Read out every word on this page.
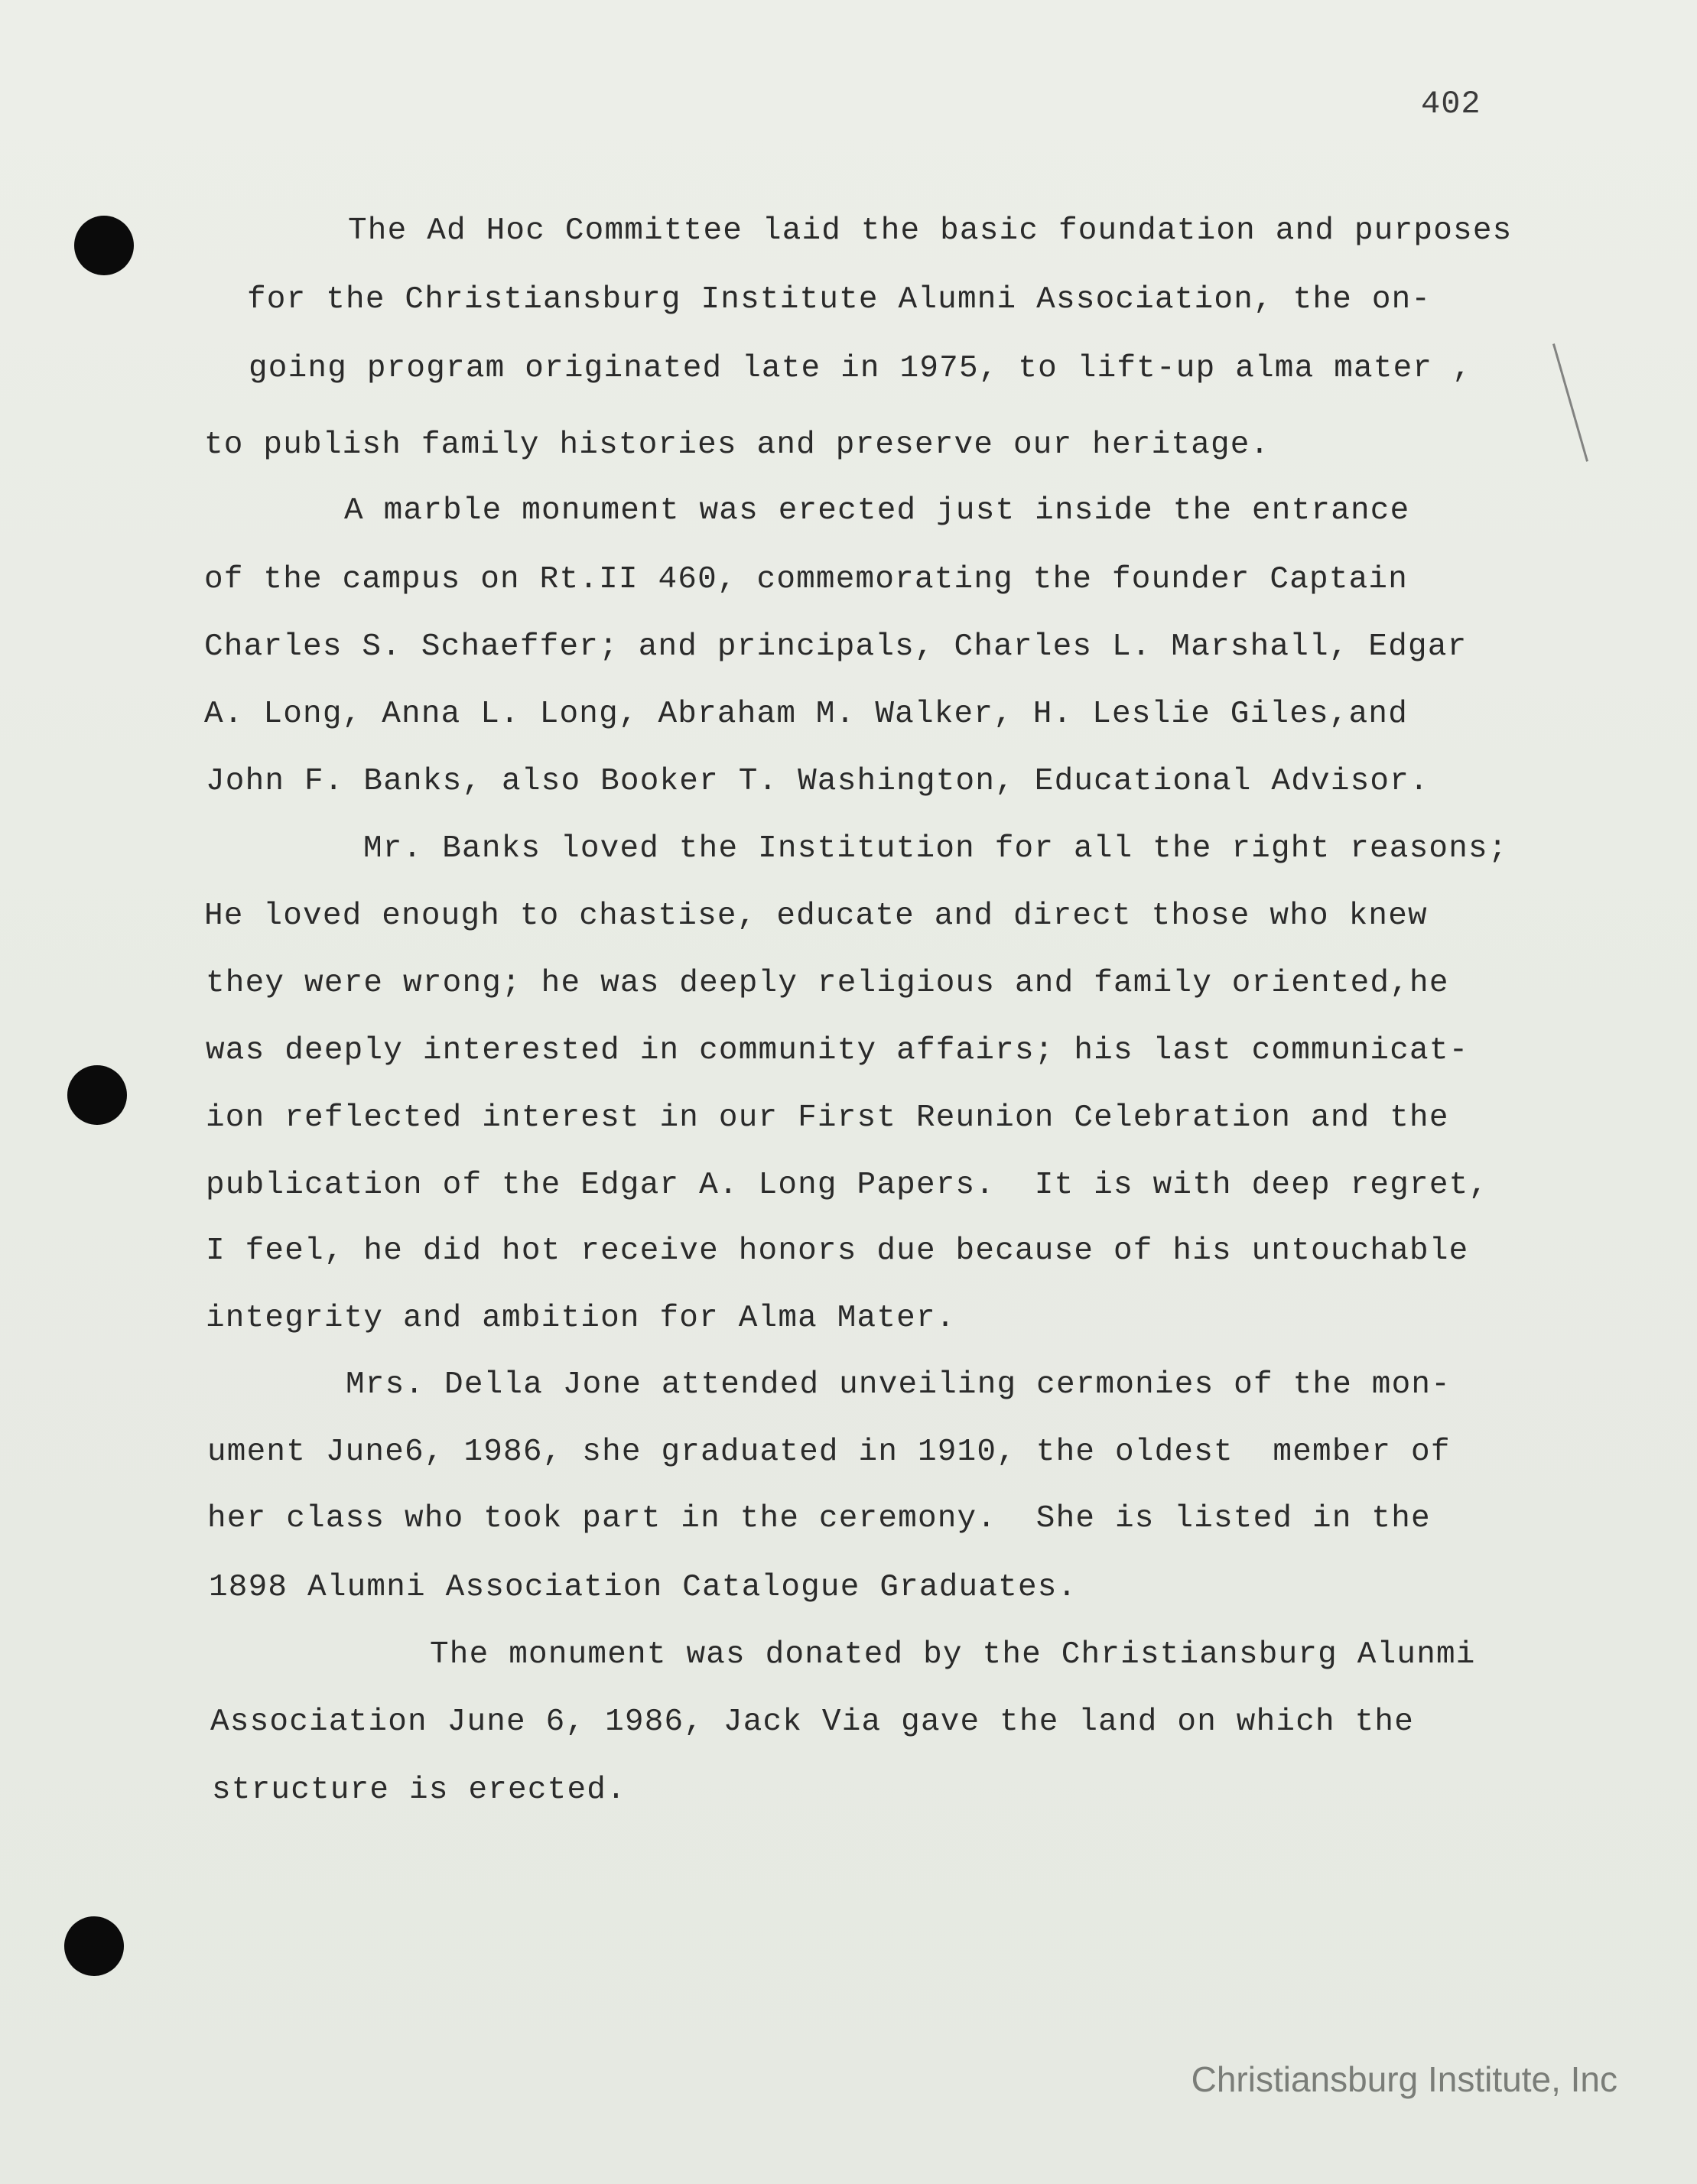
402
The Ad Hoc Committee laid the basic foundation and purposes
for the Christiansburg Institute Alumni Association, the on-
going program originated late in 1975, to lift-up alma mater ,
to publish family histories and preserve our heritage.
A marble monument was erected just inside the entrance
of the campus on Rt.II 460, commemorating the founder Captain
Charles S. Schaeffer; and principals, Charles L. Marshall, Edgar
A. Long, Anna L. Long, Abraham M. Walker, H. Leslie Giles,and
John F. Banks, also Booker T. Washington, Educational Advisor.
Mr. Banks loved the Institution for all the right reasons;
He loved enough to chastise, educate and direct those who knew
they were wrong; he was deeply religious and family oriented,he
was deeply interested in community affairs; his last communicat-
ion reflected interest in our First Reunion Celebration and the
publication of the Edgar A. Long Papers.  It is with deep regret,
I feel, he did hot receive honors due because of his untouchable
integrity and ambition for Alma Mater.
Mrs. Della Jone attended unveiling cermonies of the mon-
ument June6, 1986, she graduated in 1910, the oldest  member of
her class who took part in the ceremony.  She is listed in the
1898 Alumni Association Catalogue Graduates.
The monument was donated by the Christiansburg Alunmi
Association June 6, 1986, Jack Via gave the land on which the
structure is erected.
Christiansburg Institute, Inc
